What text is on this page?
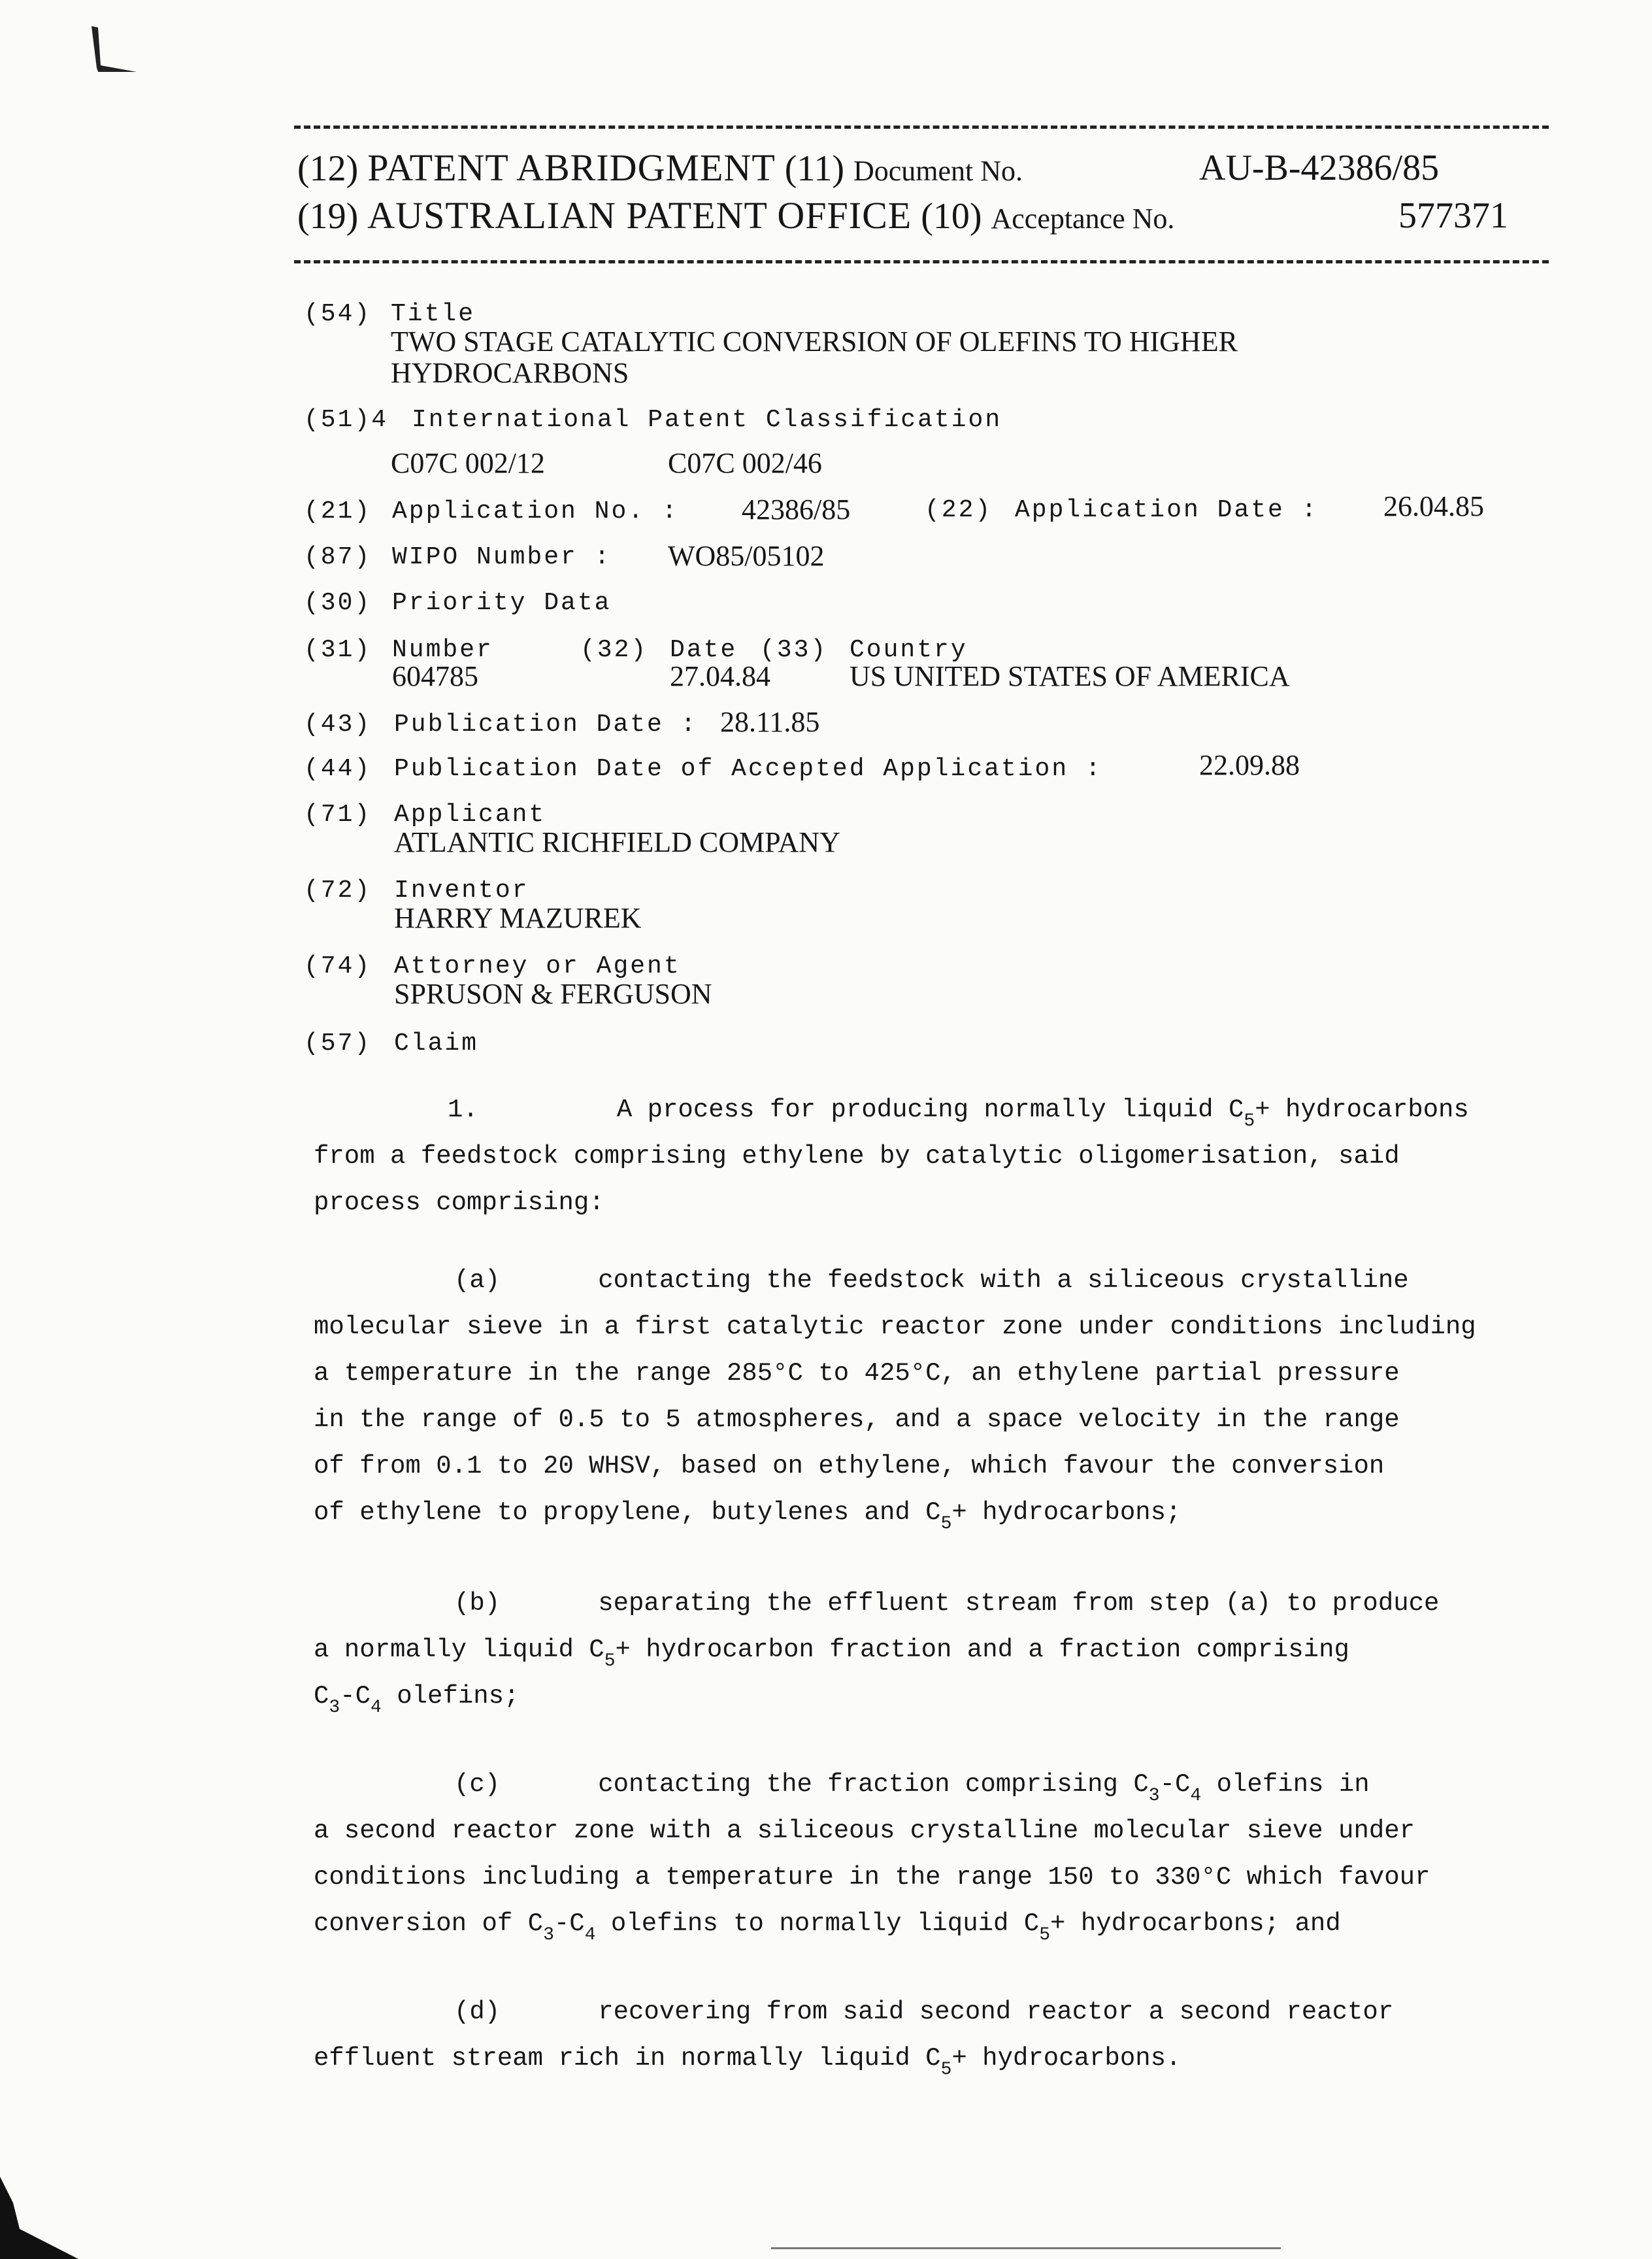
(12) PATENT ABRIDGMENT (11) Document No.	AU-B-42386/85
(19) AUSTRALIAN PATENT OFFICE (10) Acceptance No.	577371
(54) Title
TWO STAGE CATALYTIC CONVERSION OF OLEFINS TO HIGHER
HYDROCARBONS
(51)4 International Patent Classification
C07C 002/12	C07C 002/46
(21) Application No. : 42386/85	(22) Application Date : 26.04.85
(87) WIPO Number : WO85/05102
(30) Priority Data
(31) Number	(32) Date (33) Country
604785	27.04.84	US UNITED STATES OF AMERICA
(43) Publication Date : 28.11.85
(44) Publication Date of Accepted Application :	22.09.88
(71) Applicant
ATLANTIC RICHFIELD COMPANY
(72) Inventor
HARRY MAZUREK
(74) Attorney or Agent
SPRUSON & FERGUSON
(57) Claim

1.	A process for producing normally liquid $C_5+$ hydrocarbons

from a feedstock comprising ethylene by catalytic oligomerisation, said

process comprising:

(a)	contacting the feedstock with a siliceous crystalline

molecular sieve in a first catalytic reactor zone under conditions including

a temperature in the range 285°C to 425°C, an ethylene partial pressure

in the range of 0.5 to 5 atmospheres, and a space velocity in the range

of from 0.1 to 20 WHSV, based on ethylene, which favour the conversion

of ethylene to propylene, butylenes and $C_5+$ hydrocarbons;

(b)	separating the effluent stream from step (a) to produce

a normally liquid $C_5+$ hydrocarbon fraction and a fraction comprising

$C_3-C_4$ olefins;

(c)	contacting the fraction comprising $C_3-C_4$ olefins in

a second reactor zone with a siliceous crystalline molecular sieve under

conditions including a temperature in the range 150 to 330°C which favour

conversion of $C_3-C_4$ olefins to normally liquid $C_5+$ hydrocarbons; and

(d)	recovering from said second reactor a second reactor

effluent stream rich in normally liquid $C_5+$ hydrocarbons.
